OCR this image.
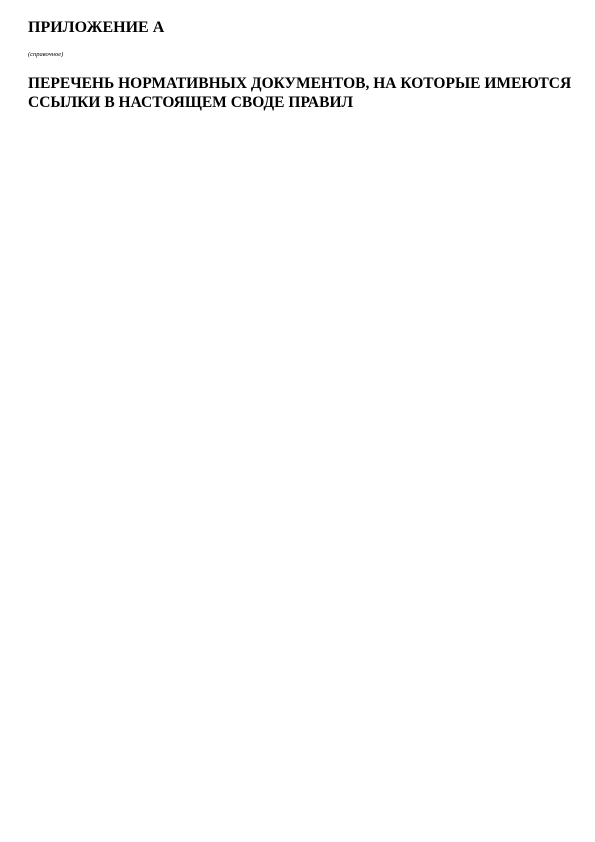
ПРИЛОЖЕНИЕ А
(справочное)
ПЕРЕЧЕНЬ НОРМАТИВНЫХ ДОКУМЕНТОВ, НА КОТОРЫЕ ИМЕЮТСЯ ССЫЛКИ В НАСТОЯЩЕМ СВОДЕ ПРАВИЛ
